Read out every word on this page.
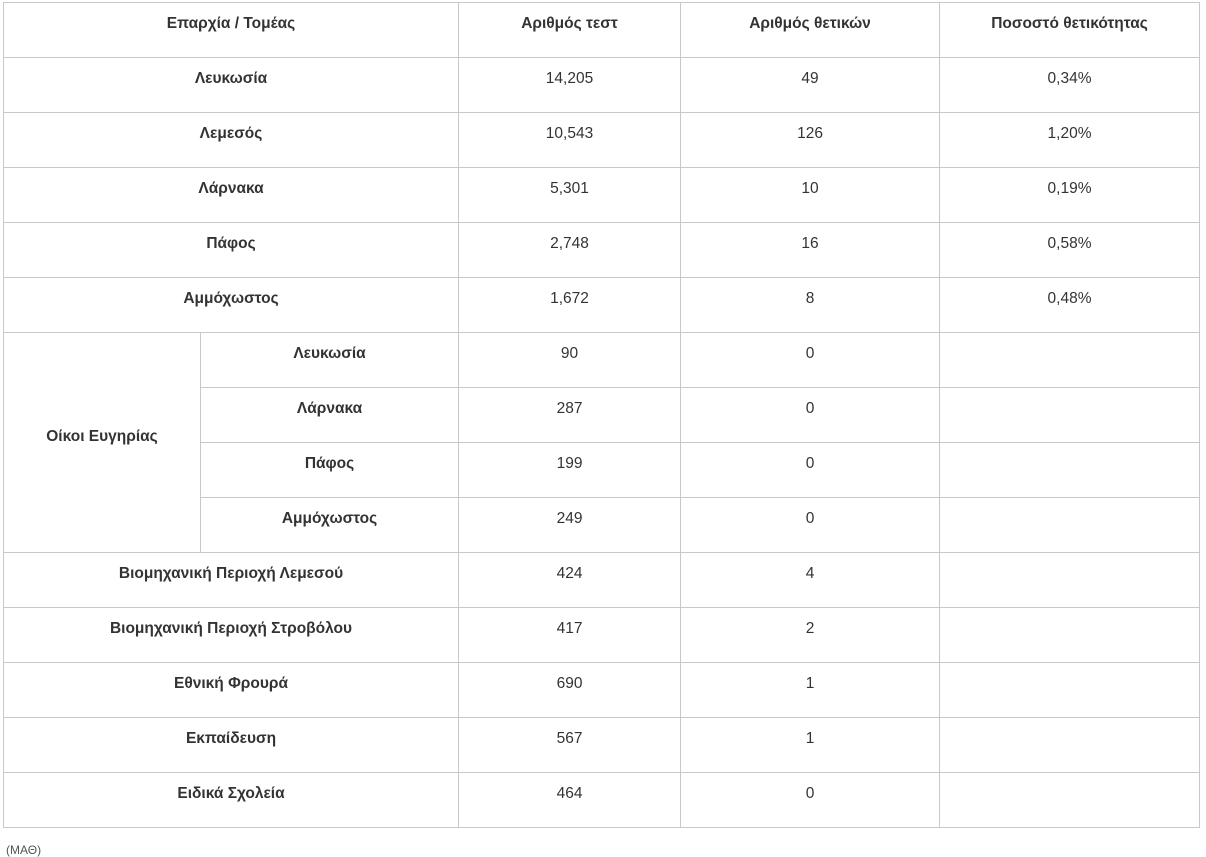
Επαρχία / Τομέας		Αριθμός τεστ	Αριθμός θετικών	Ποσοστό θετικότητας
Λευκωσία		14,205	49	0,34%
Λεμεσός		10,543	126	1,20%
Λάρνακα		5,301	10	0,19%
Πάφος		2,748	16	0,58%
Αμμόχωστος		1,672	8	0,48%
Οίκοι Ευγηρίας	Λευκωσία	90	0	
	Λάρνακα	287	0	
	Πάφος	199	0	
	Αμμόχωστος	249	0	
Βιομηχανική Περιοχή Λεμεσού		424	4	
Βιομηχανική Περιοχή Στροβόλου		417	2	
Εθνική Φρουρά		690	1	
Εκπαίδευση		567	1	
Ειδικά Σχολεία		464	0	
(ΜΑΘ)
